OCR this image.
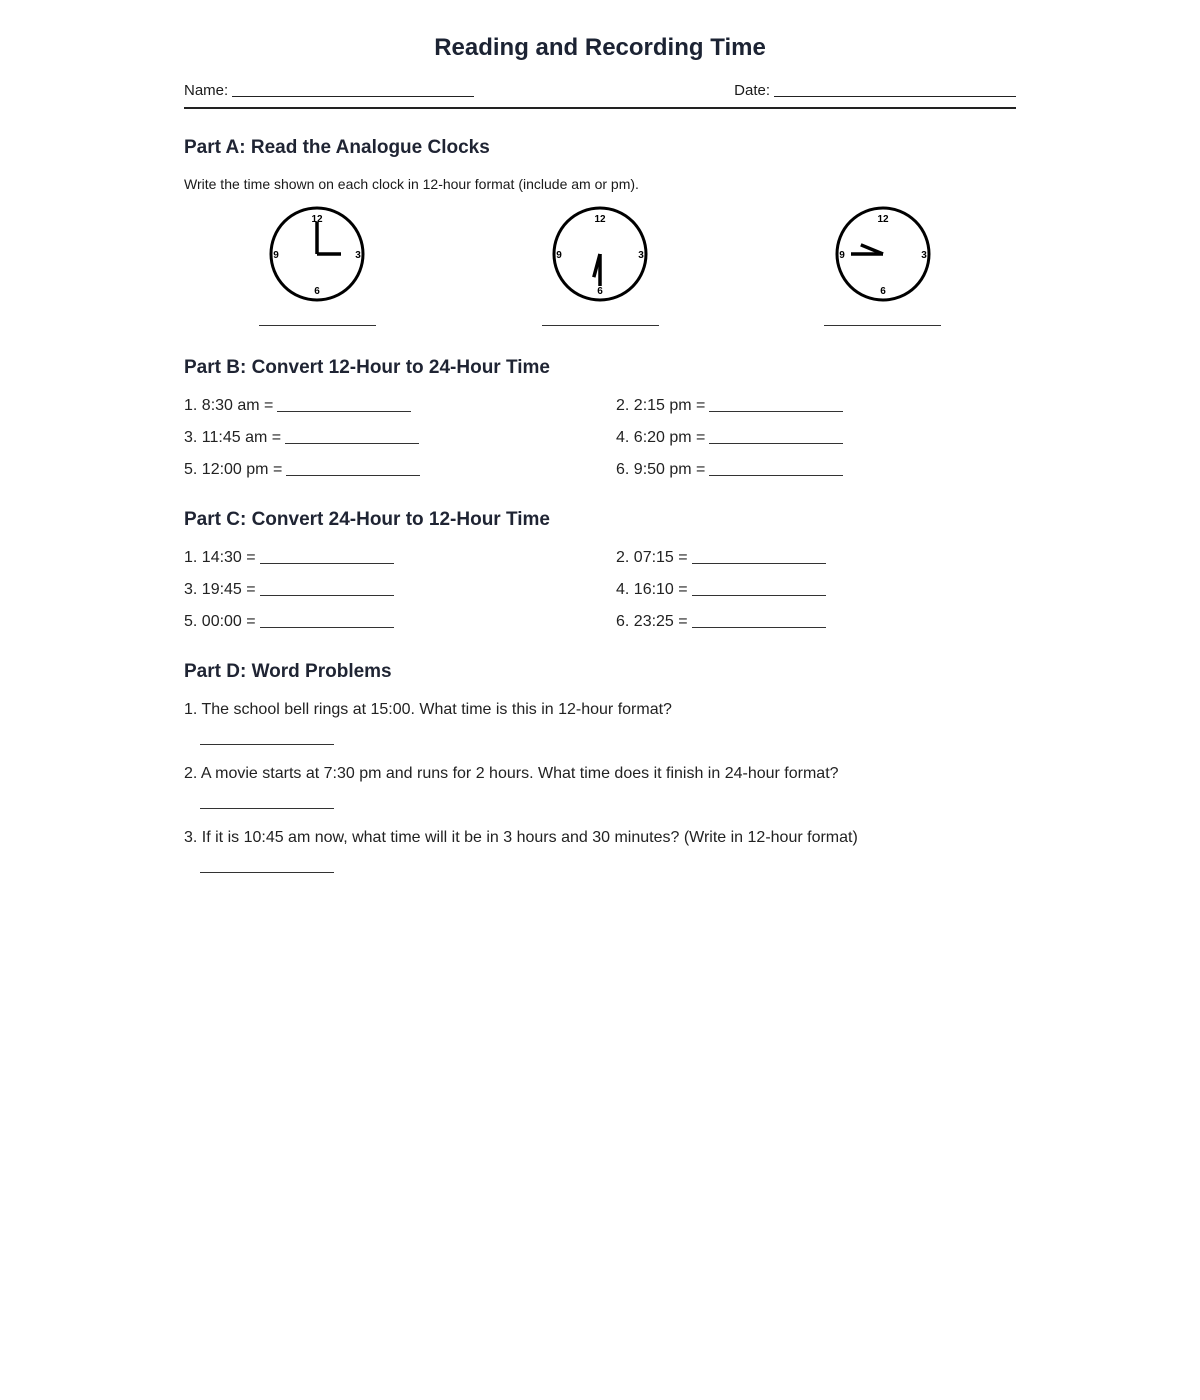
Reading and Recording Time
Name:	Date:
Part A: Read the Analogue Clocks
Write the time shown on each clock in 12-hour format (include am or pm).
12
3
6
9
12
3
6
9
12
3
6
9
Part B: Convert 12-Hour to 24-Hour Time
1. 8:30 am =	2. 2:15 pm =
3. 11:45 am =	4. 6:20 pm =
5. 12:00 pm =	6. 9:50 pm =
Part C: Convert 24-Hour to 12-Hour Time
1. 14:30 =	2. 07:15 =
3. 19:45 =	4. 16:10 =
5. 00:00 =	6. 23:25 =
Part D: Word Problems
1. The school bell rings at 15:00. What time is this in 12-hour format?
2. A movie starts at 7:30 pm and runs for 2 hours. What time does it finish in 24-hour format?
3. If it is 10:45 am now, what time will it be in 3 hours and 30 minutes? (Write in 12-hour format)
